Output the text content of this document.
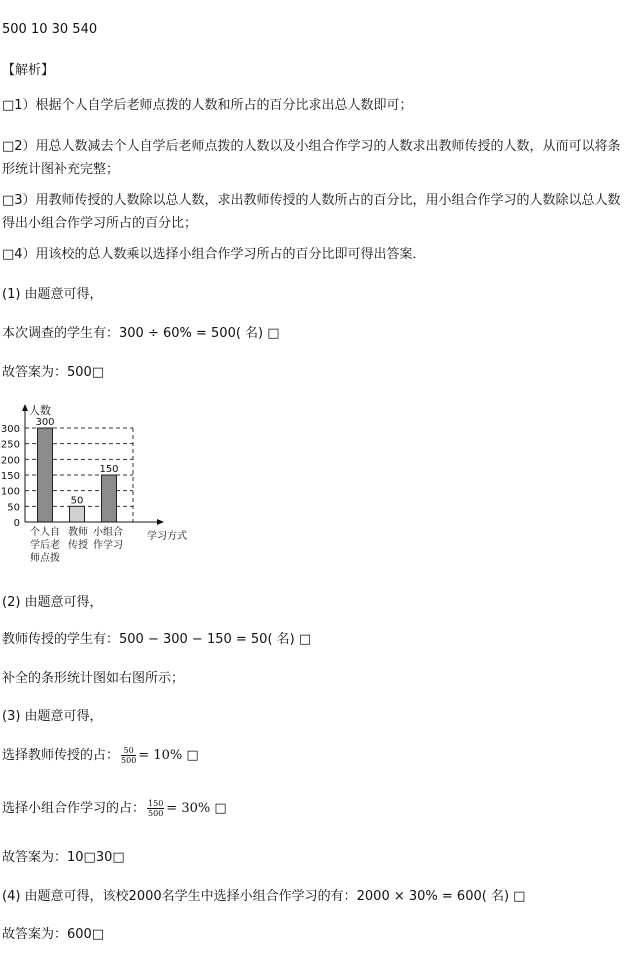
500 10 30 540
【解析】
□1）根据个人自学后老师点拨的人数和所占的百分比求出总人数即可；
□2）用总人数减去个人自学后老师点拨的人数以及小组合作学习的人数求出教师传授的人数，从而可以将条形统计图补充完整；
□3）用教师传授的人数除以总人数，求出教师传授的人数所占的百分比，用小组合作学习的人数除以总人数得出小组合作学习所占的百分比；
□4）用该校的总人数乘以选择小组合作学习所占的百分比即可得出答案．
(1) 由题意可得，
本次调查的学生有：300 ÷ 60% = 500( 名) □
故答案为：500□
0
50
100
150
200
250
300
300
50
150
人数
学习方式
个人自
学后老
师点拨
教师
传授
小组合
作学习
(2) 由题意可得，
教师传授的学生有：500 − 300 − 150 = 50( 名) □
补全的条形统计图如右图所示；
(3) 由题意可得，
选择教师传授的占： $\frac{50}{500} = 10\%$ □
选择小组合作学习的占： $\frac{150}{500} = 30\%$ □
故答案为：10□30□
(4) 由题意可得，该校2000名学生中选择小组合作学习的有：2000 × 30% = 600( 名) □
故答案为：600□
